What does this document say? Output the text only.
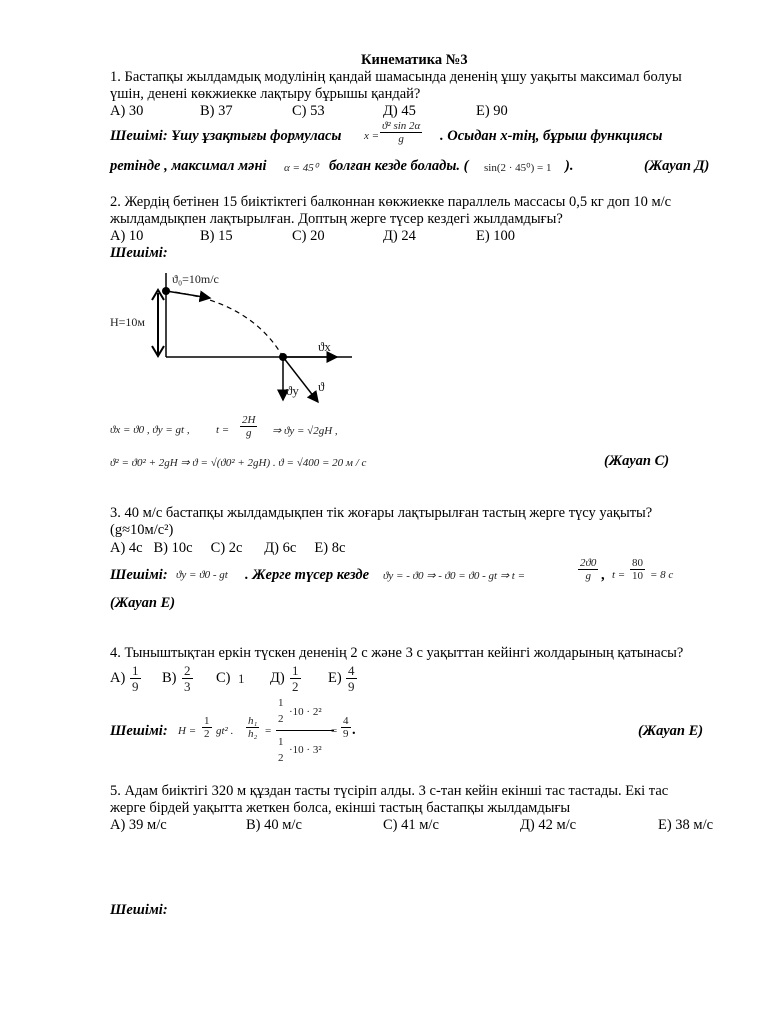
Кинематика №3
1. Бастапқы жылдамдық модулінің қандай шамасында дененің ұшу уақыты максимал болуы
үшін, денені көкжиекке лақтыру бұрышы қандай?
А) 30	В) 37	С) 53	Д) 45	Е) 90
Шешімі: Ұшу ұзақтығы формуласы $x = \frac{\text{ϑ² sin 2α}}{g}$ . Осыдан х-тің, бұрыш функциясы
ретінде , максимал мәні α = 45⁰ болған кезде болады. ( sin(2 · 45⁰) = 1 ).	(Жауап Д)
2. Жердің бетінен 15 биіктіктегі балконнан көкжиекке параллель массасы 0,5 кг доп 10 м/с
жылдамдықпен лақтырылған. Доптың жерге түсер кездегі жылдамдығы?
А) 10	В) 15	С) 20	Д) 24	Е) 100
Шешімі:
ϑ₀=10m/c
H=10м
ϑx
ϑy ϑ
ϑx = ϑ0 , ϑy = gt , $t = \frac{2H}{g}$ ⇒ ϑy = √2gH ,
ϑ² = ϑ0² + 2gH ⇒ ϑ = √(ϑ0² + 2gH) . ϑ = √400 = 20 м / с	(Жауап С)
3. 40 м/с бастапқы жылдамдықпен тік жоғары лақтырылған тастың жерге түсу уақыты?
(g≈10м/с²)
А) 4с   В) 10с     С) 2с      Д) 6с     Е) 8с
Шешімі: ϑy = ϑ0 - gt . Жерге түсер кезде ϑy = - ϑ0 ⇒ - ϑ0 = ϑ0 - gt ⇒ t =	$\frac{2ϑ0}{g}$ , $t = \frac{80}{10} = 8$ с
(Жауап Е)
4. Тыныштықтан еркін түскен дененің 2 с және 3 с уақыттан кейінгі жолдарының қатынасы?
$А) \frac{1}{9} В) \frac{2}{3} С$) 1 $Д) \frac{1}{2} Е) \frac{4}{9}$
Шешімі: $H = \frac{1}{2} gt^2$ . $\frac{\text{h₁}}{\text{h₂}}$ =
1
2
·10 · 2²
1
2
·10 · 3²
= $\frac{4}{9}$ .	(Жауап Е)
5. Адам биіктігі 320 м құздан тасты түсіріп алды. 3 с-тан кейін екінші тас тастады. Екі тас
жерге бірдей уақытта жеткен болса, екінші тастың бастапқы жылдамдығы
А) 39 м/с	В) 40 м/с	С) 41 м/с	Д) 42 м/с	Е) 38 м/с
Шешімі:
